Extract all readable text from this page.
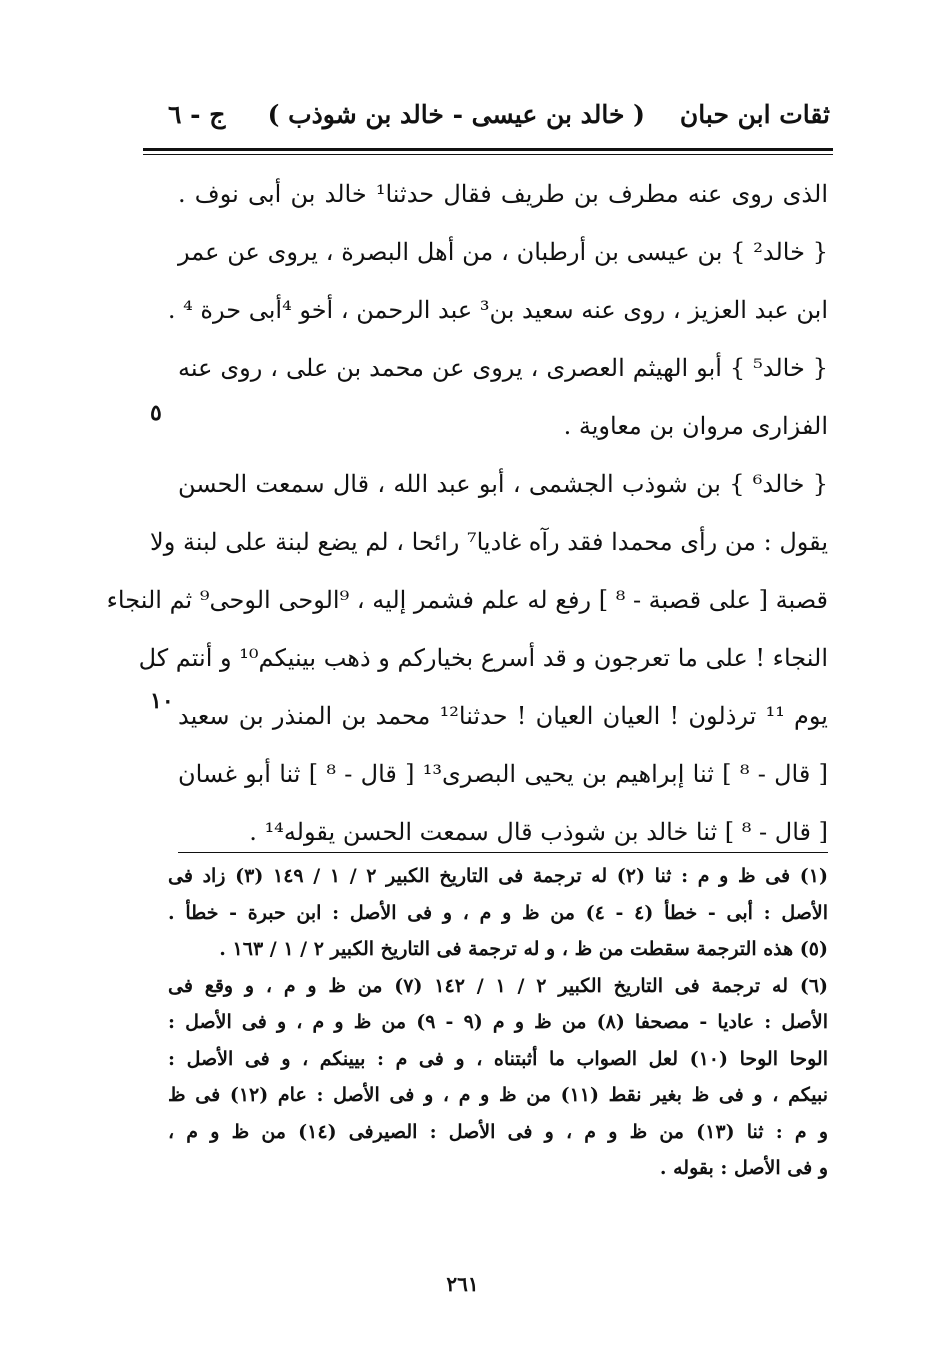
ثقات ابن حبان
( خالد بن عيسى - خالد بن شوذب )
ج - ٦
الذى روى عنه مطرف بن طريف فقال حدثنا¹ خالد بن أبى نوف .
{ خالد² } بن عيسى بن أرطبان ، من أهل البصرة ، يروى عن عمر
ابن عبد العزيز ، روى عنه سعيد بن³ عبد الرحمن ، أخو ⁴أبى حرة ⁴ .
{ خالد⁵ } أبو الهيثم العصرى ، يروى عن محمد بن على ، روى عنه
الفزارى مروان بن معاوية .
{ خالد⁶ } بن شوذب الجشمى ، أبو عبد الله ، قال سمعت الحسن
يقول : من رأى محمدا فقد رآه غاديا⁷ رائحا ، لم يضع لبنة على لبنة ولا
قصبة [ على قصبة - ⁸ ] رفع له علم فشمر إليه ، ⁹الوحى الوحى⁹ ثم النجاء
النجاء ! على ما تعرجون و قد أسرع بخياركم و ذهب بينيكم¹⁰ و أنتم كل
يوم ¹¹ ترذلون ! العيان العيان ! حدثنا¹² محمد بن المنذر بن سعيد
[ قال - ⁸ ] ثنا إبراهيم بن يحيى البصرى¹³ [ قال - ⁸ ] ثنا أبو غسان
[ قال - ⁸ ] ثنا خالد بن شوذب قال سمعت الحسن يقوله¹⁴ .
٥
١٠
(١) فى ظ و م : ثنا (٢) له ترجمة فى التاريخ الكبير ٢ / ١ / ١٤٩ (٣) زاد فى
الأصل : أبى - خطأ (٤ - ٤) من ظ و م ، و فى الأصل : ابن حبرة - خطأ .
(٥) هذه الترجمة سقطت من ظ ، و له ترجمة فى التاريخ الكبير ٢ / ١ / ١٦٣ .
(٦) له ترجمة فى التاريخ الكبير ٢ / ١ / ١٤٢ (٧) من ظ و م ، و وقع فى
الأصل : عاديا - مصحفا (٨) من ظ و م (٩ - ٩) من ظ و م ، و فى الأصل :
الوحا الوحا (١٠) لعل الصواب ما أثبتناه ، و فى م : بيينكم ، و فى الأصل :
نبيكم ، و فى ظ بغير نقط (١١) من ظ و م ، و فى الأصل : عام (١٢) فى ظ
و م : ثنا (١٣) من ظ و م ، و فى الأصل : الصيرفى (١٤) من ظ و م ،
و فى الأصل : بقوله .
٢٦١
